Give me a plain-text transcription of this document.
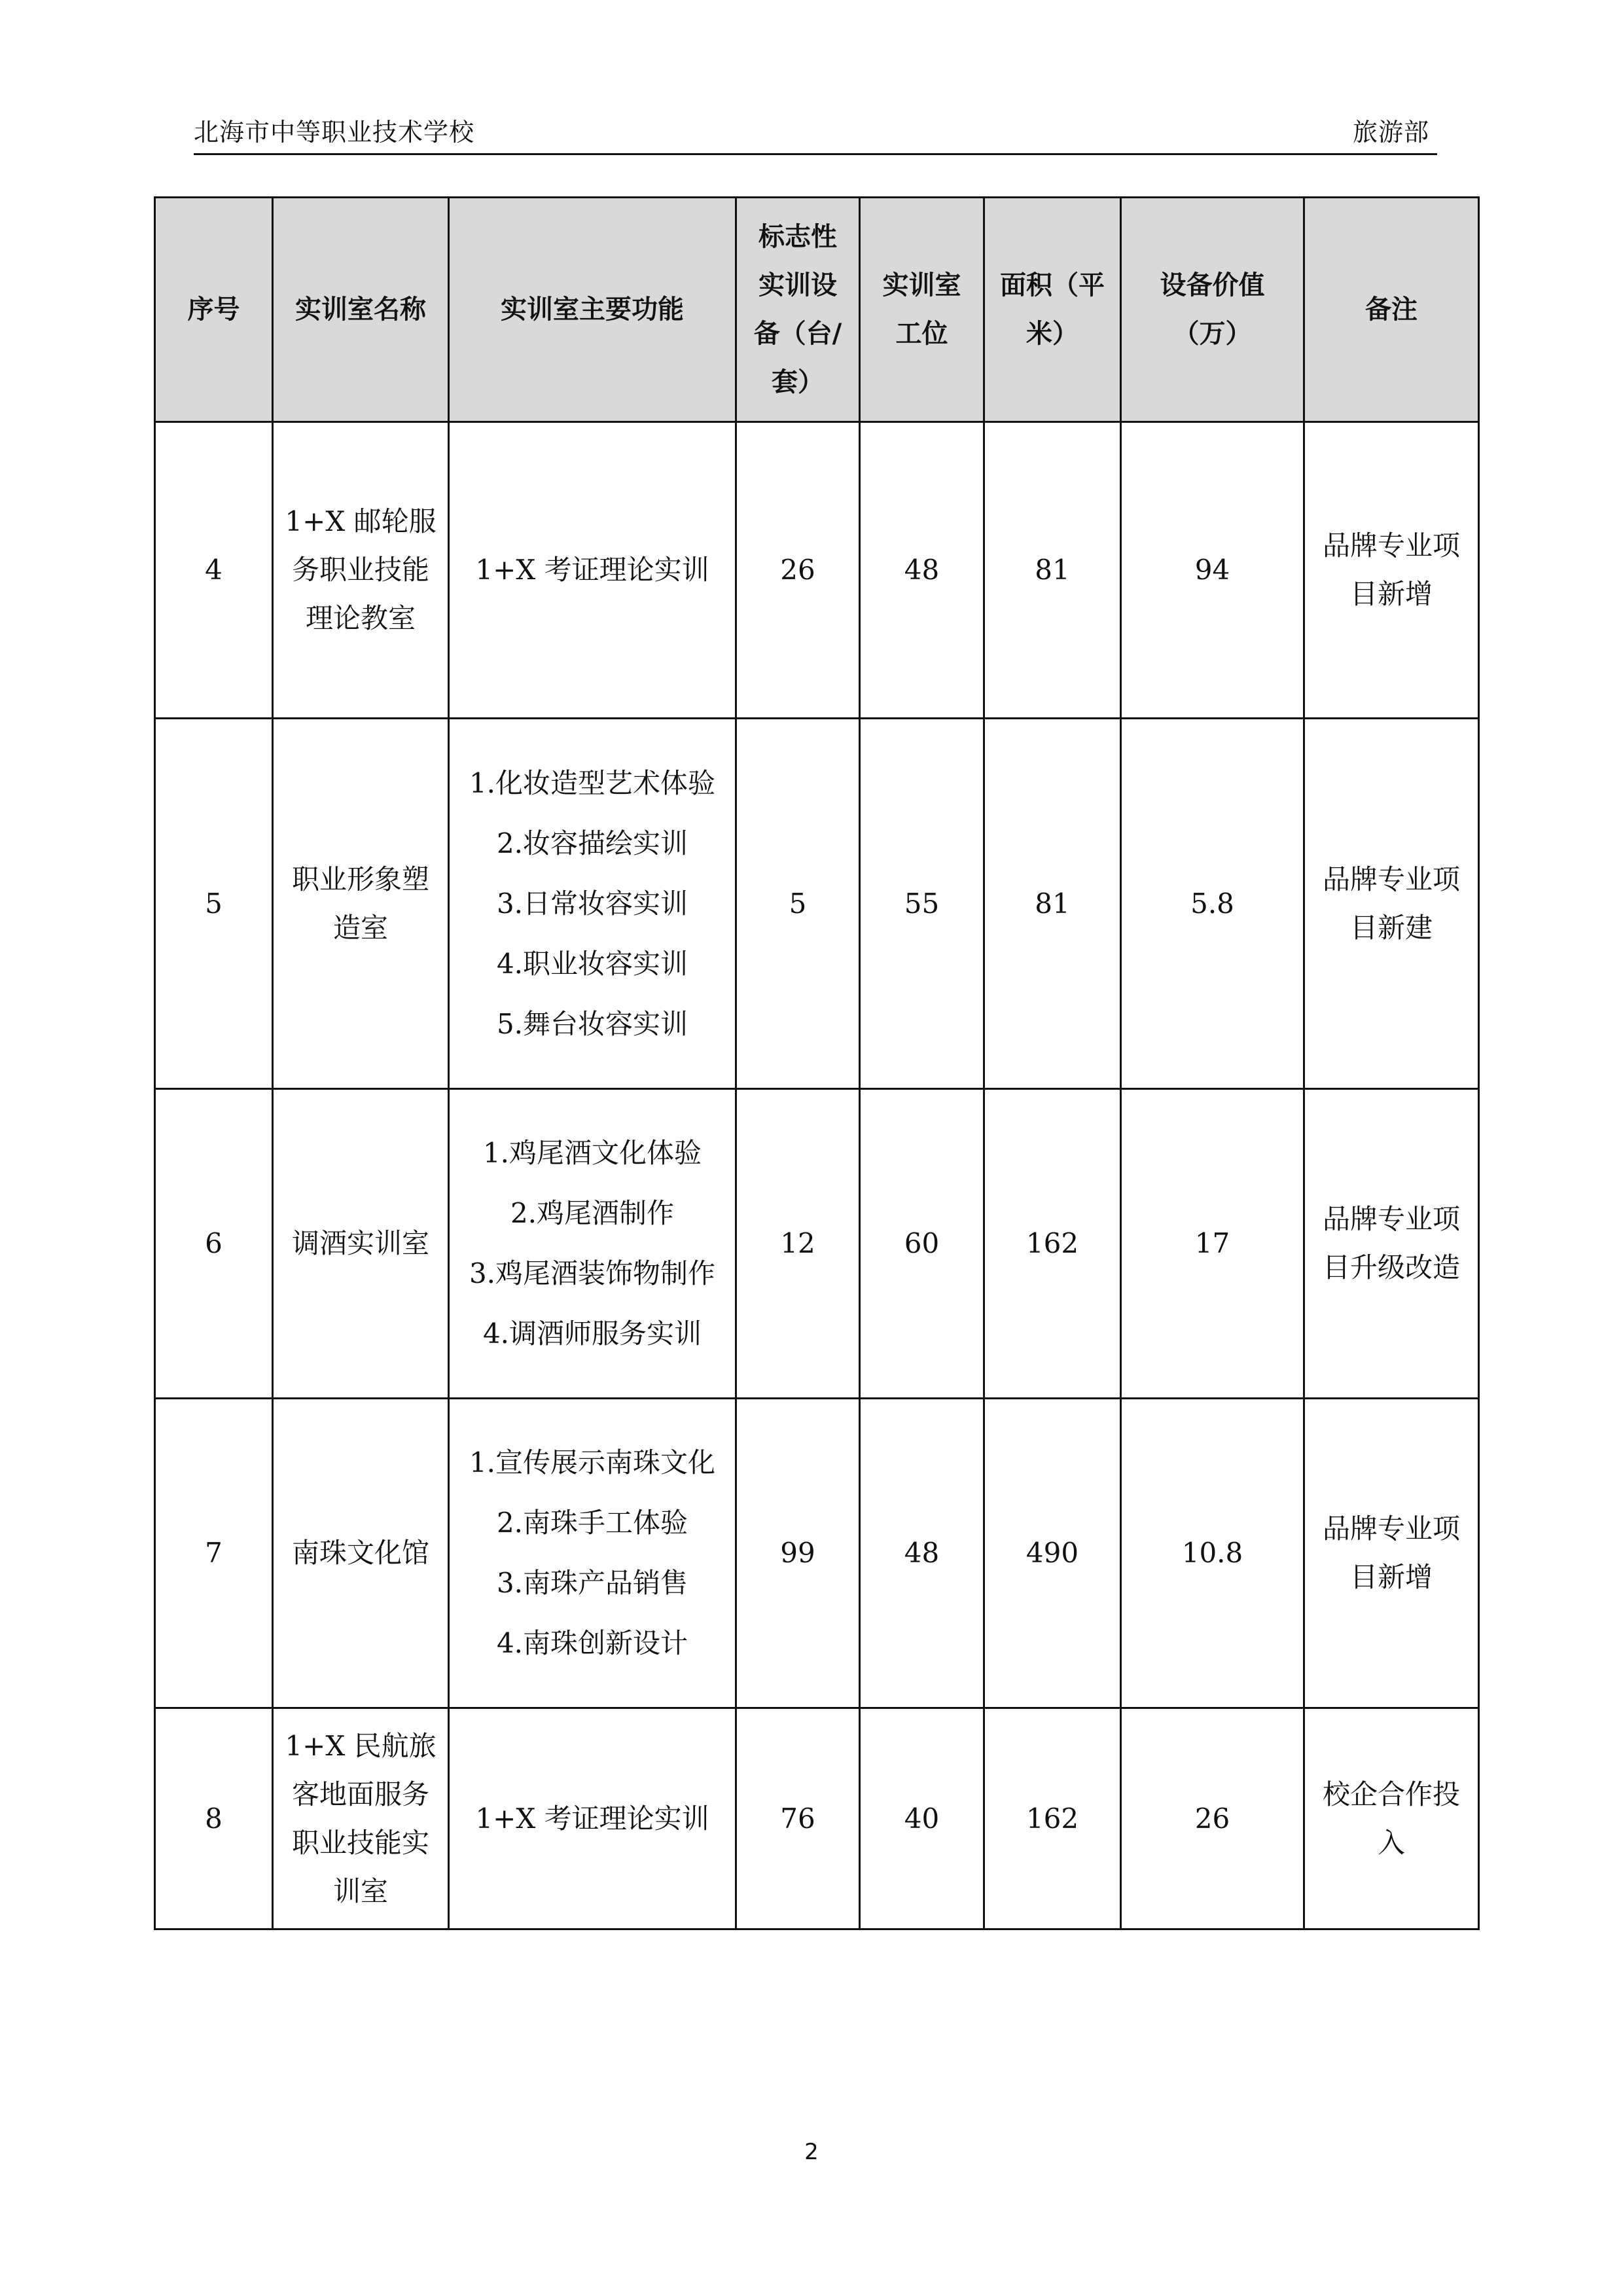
北海市中等职业技术学校	旅游部
序号	实训室名称	实训室主要功能	标志性实训设备（台/套）	实训室工位	面积（平米）	设备价值（万）	备注
4	1+X 邮轮服务职业技能理论教室	1+X 考证理论实训	26	48	81	94	品牌专业项目新增
5	职业形象塑造室	1.化妆造型艺术体验
2.妆容描绘实训
3.日常妆容实训
4.职业妆容实训
5.舞台妆容实训	5	55	81	5.8	品牌专业项目新建
6	调酒实训室	1.鸡尾酒文化体验
2.鸡尾酒制作
3.鸡尾酒装饰物制作
4.调酒师服务实训	12	60	162	17	品牌专业项目升级改造
7	南珠文化馆	1.宣传展示南珠文化
2.南珠手工体验
3.南珠产品销售
4.南珠创新设计	99	48	490	10.8	品牌专业项目新增
8	1+X 民航旅客地面服务职业技能实训室	1+X 考证理论实训	76	40	162	26	校企合作投入
2
